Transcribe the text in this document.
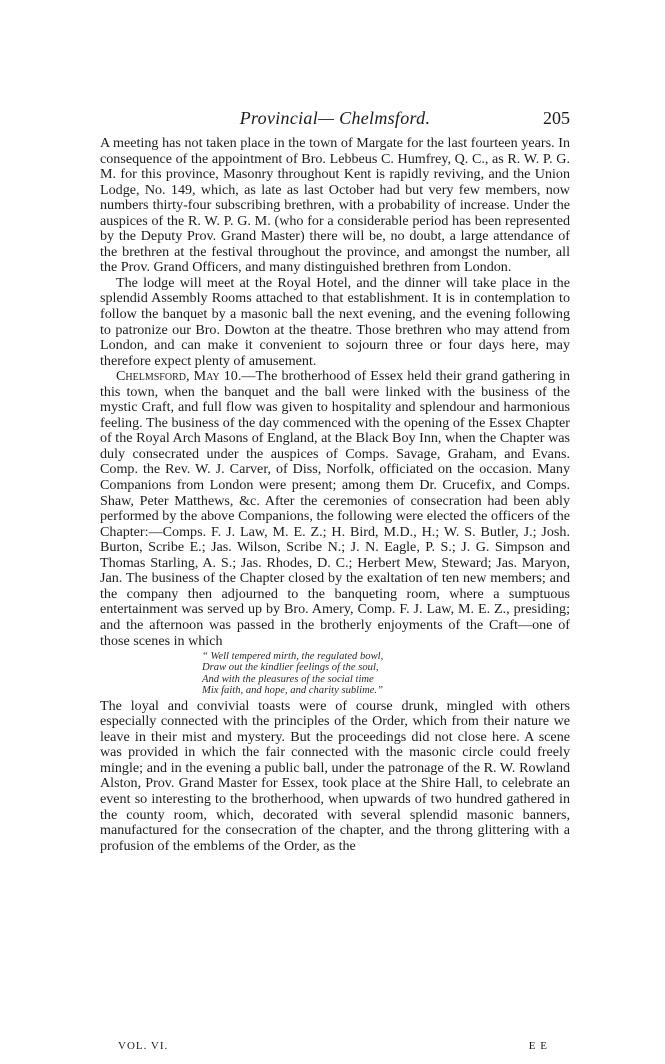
Provincial— Chelmsford.	205

A meeting has not taken place in the town of Margate for the last fourteen years. In consequence of the appointment of Bro. Lebbeus C. Humfrey, Q. C., as R. W. P. G. M. for this province, Masonry throughout Kent is rapidly reviving, and the Union Lodge, No. 149, which, as late as last October had but very few members, now numbers thirty-four subscribing brethren, with a probability of increase. Under the auspices of the R. W. P. G. M. (who for a considerable period has been represented by the Deputy Prov. Grand Master) there will be, no doubt, a large attendance of the brethren at the festival throughout the province, and amongst the number, all the Prov. Grand Officers, and many distinguished brethren from London.

The lodge will meet at the Royal Hotel, and the dinner will take place in the splendid Assembly Rooms attached to that establishment. It is in contemplation to follow the banquet by a masonic ball the next evening, and the evening following to patronize our Bro. Dowton at the theatre. Those brethren who may attend from London, and can make it convenient to sojourn three or four days here, may therefore expect plenty of amusement.

Chelmsford, May 10.—The brotherhood of Essex held their grand gathering in this town, when the banquet and the ball were linked with the business of the mystic Craft, and full flow was given to hospitality and splendour and harmonious feeling. The business of the day commenced with the opening of the Essex Chapter of the Royal Arch Masons of England, at the Black Boy Inn, when the Chapter was duly consecrated under the auspices of Comps. Savage, Graham, and Evans. Comp. the Rev. W. J. Carver, of Diss, Norfolk, officiated on the occasion. Many Companions from London were present; among them Dr. Crucefix, and Comps. Shaw, Peter Matthews, &c. After the ceremonies of consecration had been ably performed by the above Companions, the following were elected the officers of the Chapter:—Comps. F. J. Law, M. E. Z.; H. Bird, M.D., H.; W. S. Butler, J.; Josh. Burton, Scribe E.; Jas. Wilson, Scribe N.; J. N. Eagle, P. S.; J. G. Simpson and Thomas Starling, A. S.; Jas. Rhodes, D. C.; Herbert Mew, Steward; Jas. Maryon, Jan. The business of the Chapter closed by the exaltation of ten new members; and the company then adjourned to the banqueting room, where a sumptuous entertainment was served up by Bro. Amery, Comp. F. J. Law, M. E. Z., presiding; and the afternoon was passed in the brotherly enjoyments of the Craft—one of those scenes in which

“ Well tempered mirth, the regulated bowl,
Draw out the kindlier feelings of the soul,
And with the pleasures of the social time
Mix faith, and hope, and charity sublime.”

The loyal and convivial toasts were of course drunk, mingled with others especially connected with the principles of the Order, which from their nature we leave in their mist and mystery. But the proceedings did not close here. A scene was provided in which the fair connected with the masonic circle could freely mingle; and in the evening a public ball, under the patronage of the R. W. Rowland Alston, Prov. Grand Master for Essex, took place at the Shire Hall, to celebrate an event so interesting to the brotherhood, when upwards of two hundred gathered in the county room, which, decorated with several splendid masonic banners, manufactured for the consecration of the chapter, and the throng glittering with a profusion of the emblems of the Order, as the

VOL. VI.	E E
